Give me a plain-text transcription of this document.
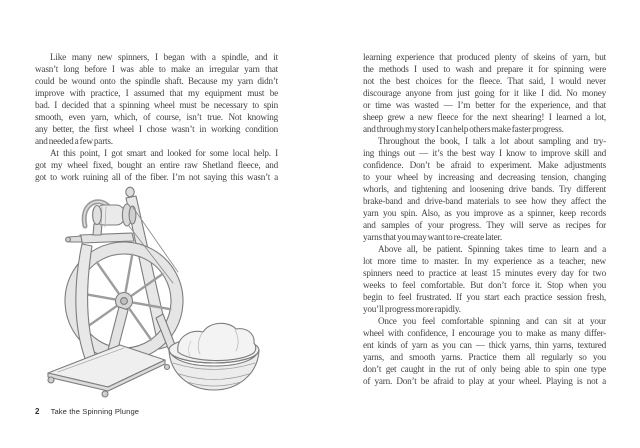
Like many new spinners, I began with a spindle, and it
wasn’t long before I was able to make an irregular yarn that
could be wound onto the spindle shaft. Because my yarn didn’t
improve with practice, I assumed that my equipment must be
bad. I decided that a spinning wheel must be necessary to spin
smooth, even yarn, which, of course, isn’t true. Not knowing
any better, the first wheel I chose wasn’t in working condition
and needed a few parts.
At this point, I got smart and looked for some local help. I
got my wheel fixed, bought an entire raw Shetland fleece, and
got to work ruining all of the fiber. I’m not saying this wasn’t a
2 Take the Spinning Plunge
learning experience that produced plenty of skeins of yarn, but
the methods I used to wash and prepare it for spinning were
not the best choices for the fleece. That said, I would never
discourage anyone from just going for it like I did. No money
or time was wasted — I’m better for the experience, and that
sheep grew a new fleece for the next shearing! I learned a lot,
and through my story I can help others make faster progress.
Throughout the book, I talk a lot about sampling and try-
ing things out — it’s the best way I know to improve skill and
confidence. Don’t be afraid to experiment. Make adjustments
to your wheel by increasing and decreasing tension, changing
whorls, and tightening and loosening drive bands. Try different
brake-band and drive-band materials to see how they affect the
yarn you spin. Also, as you improve as a spinner, keep records
and samples of your progress. They will serve as recipes for
yarns that you may want to re-create later.
Above all, be patient. Spinning takes time to learn and a
lot more time to master. In my experience as a teacher, new
spinners need to practice at least 15 minutes every day for two
weeks to feel comfortable. But don’t force it. Stop when you
begin to feel frustrated. If you start each practice session fresh,
you’ll progress more rapidly.
Once you feel comfortable spinning and can sit at your
wheel with confidence, I encourage you to make as many differ-
ent kinds of yarn as you can — thick yarns, thin yarns, textured
yarns, and smooth yarns. Practice them all regularly so you
don’t get caught in the rut of only being able to spin one type
of yarn. Don’t be afraid to play at your wheel. Playing is not a
